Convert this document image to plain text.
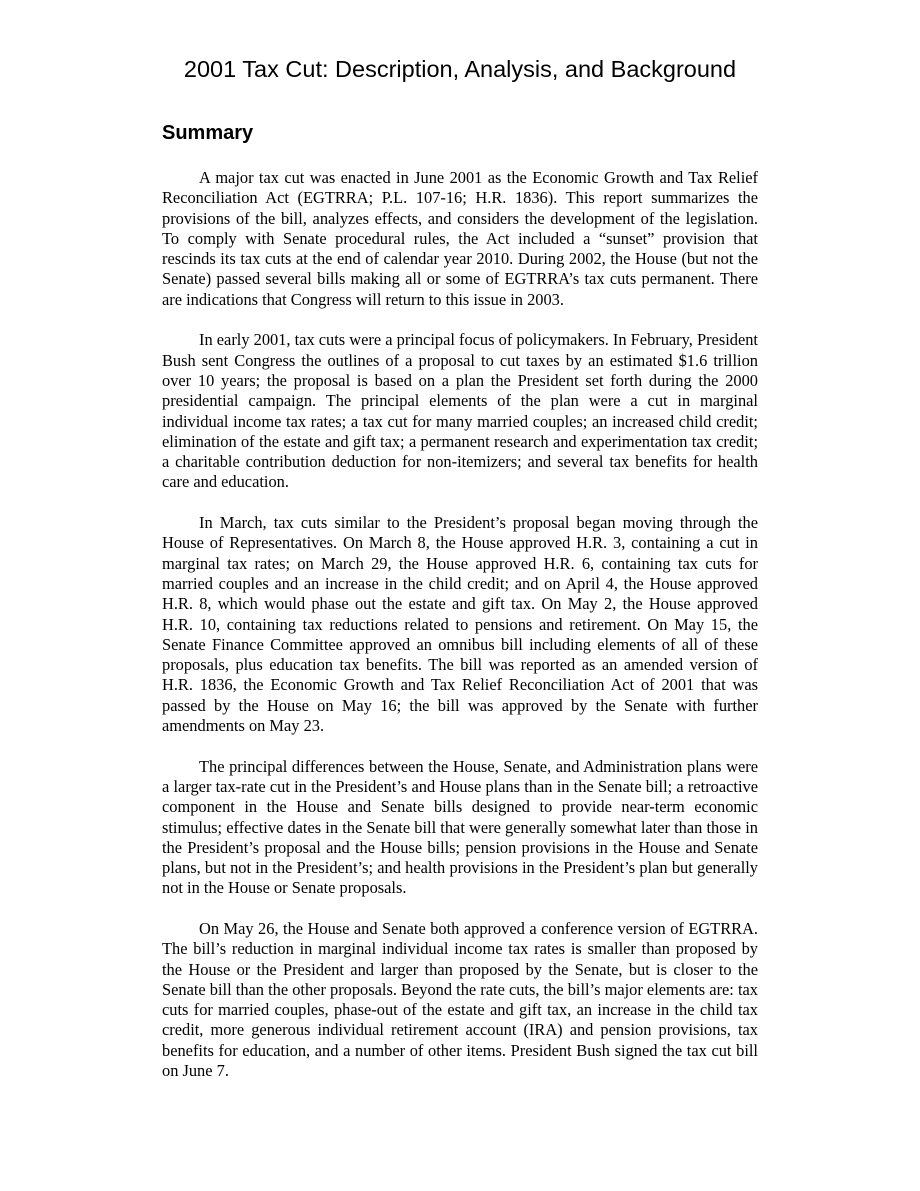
2001 Tax Cut: Description, Analysis, and Background
Summary

A major tax cut was enacted in June 2001 as the Economic Growth and Tax Relief Reconciliation Act (EGTRRA; P.L. 107-16; H.R. 1836). This report summarizes the provisions of the bill, analyzes effects, and considers the development of the legislation. To comply with Senate procedural rules, the Act included a “sunset” provision that rescinds its tax cuts at the end of calendar year 2010. During 2002, the House (but not the Senate) passed several bills making all or some of EGTRRA’s tax cuts permanent. There are indications that Congress will return to this issue in 2003.

In early 2001, tax cuts were a principal focus of policymakers. In February, President Bush sent Congress the outlines of a proposal to cut taxes by an estimated $1.6 trillion over 10 years; the proposal is based on a plan the President set forth during the 2000 presidential campaign. The principal elements of the plan were a cut in marginal individual income tax rates; a tax cut for many married couples; an increased child credit; elimination of the estate and gift tax; a permanent research and experimentation tax credit; a charitable contribution deduction for non-itemizers; and several tax benefits for health care and education.

In March, tax cuts similar to the President’s proposal began moving through the House of Representatives. On March 8, the House approved H.R. 3, containing a cut in marginal tax rates; on March 29, the House approved H.R. 6, containing tax cuts for married couples and an increase in the child credit; and on April 4, the House approved H.R. 8, which would phase out the estate and gift tax. On May 2, the House approved H.R. 10, containing tax reductions related to pensions and retirement. On May 15, the Senate Finance Committee approved an omnibus bill including elements of all of these proposals, plus education tax benefits. The bill was reported as an amended version of H.R. 1836, the Economic Growth and Tax Relief Reconciliation Act of 2001 that was passed by the House on May 16; the bill was approved by the Senate with further amendments on May 23.

The principal differences between the House, Senate, and Administration plans were a larger tax-rate cut in the President’s and House plans than in the Senate bill; a retroactive component in the House and Senate bills designed to provide near-term economic stimulus; effective dates in the Senate bill that were generally somewhat later than those in the President’s proposal and the House bills; pension provisions in the House and Senate plans, but not in the President’s; and health provisions in the President’s plan but generally not in the House or Senate proposals.

On May 26, the House and Senate both approved a conference version of EGTRRA. The bill’s reduction in marginal individual income tax rates is smaller than proposed by the House or the President and larger than proposed by the Senate, but is closer to the Senate bill than the other proposals. Beyond the rate cuts, the bill’s major elements are: tax cuts for married couples, phase-out of the estate and gift tax, an increase in the child tax credit, more generous individual retirement account (IRA) and pension provisions, tax benefits for education, and a number of other items. President Bush signed the tax cut bill on June 7.
